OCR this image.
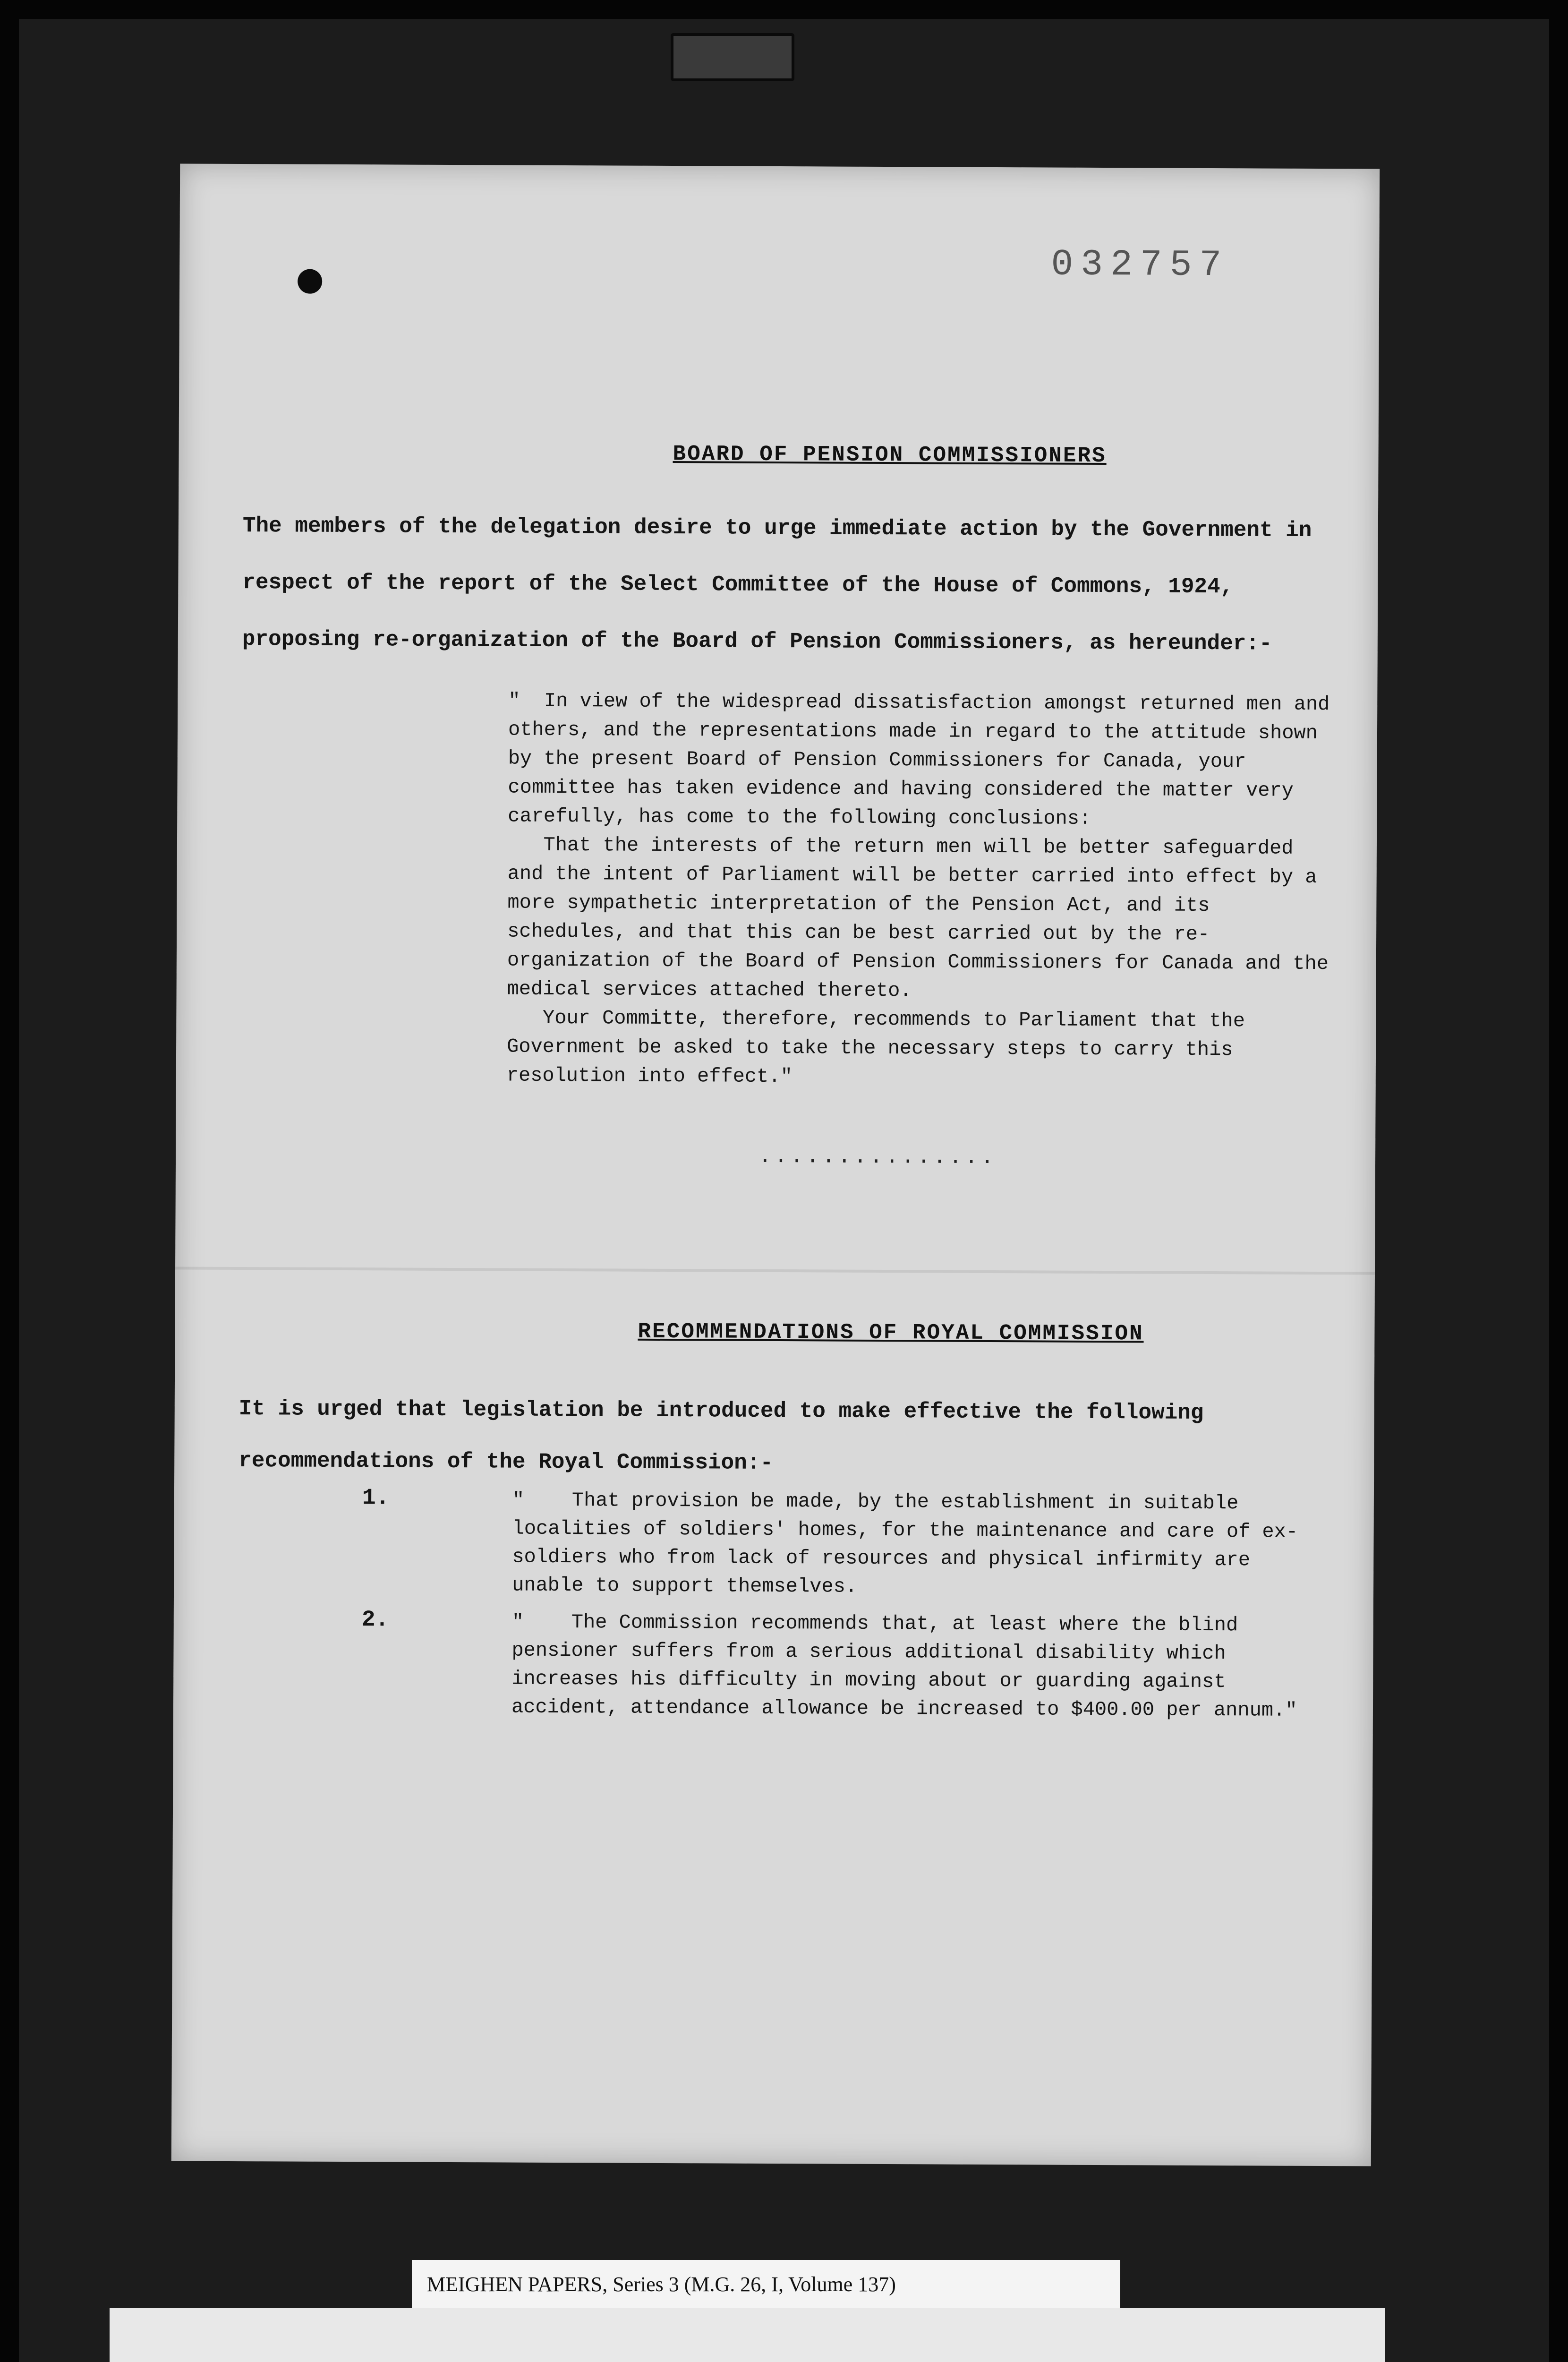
032757
BOARD OF PENSION COMMISSIONERS
The members of the delegation desire to urge immediate action by the Government in respect of the report of the Select Committee of the House of Commons, 1924, proposing re-organization of the Board of Pension Commissioners, as hereunder:-
"  In view of the widespread dissatisfaction amongst returned men and others, and the representations made in regard to the attitude shown by the present Board of Pension Commissioners for Canada, your committee has taken evidence and having considered the matter very carefully, has come to the following conclusions:
That the interests of the return men will be better safeguarded and the intent of Parliament will be better carried into effect by a more sympathetic interpretation of the Pension Act, and its schedules, and that this can be best carried out by the re-organization of the Board of Pension Commissioners for Canada and the medical services attached thereto.
Your Committe, therefore, recommends to Parliament that the Government be asked to take the necessary steps to carry this resolution into effect."
...............
RECOMMENDATIONS OF ROYAL COMMISSION
It is urged that legislation be introduced to make effective the following recommendations of the Royal Commission:-
1.	"    That provision be made, by the establishment in suitable localities of soldiers' homes, for the maintenance and care of ex-soldiers who from lack of resources and physical infirmity are unable to support themselves.
2.	"    The Commission recommends that, at least where the blind pensioner suffers from a serious additional disability which increases his difficulty in moving about or guarding against accident, attendance allowance be increased to $400.00 per annum."
MEIGHEN PAPERS, Series 3 (M.G. 26, I, Volume 137)
